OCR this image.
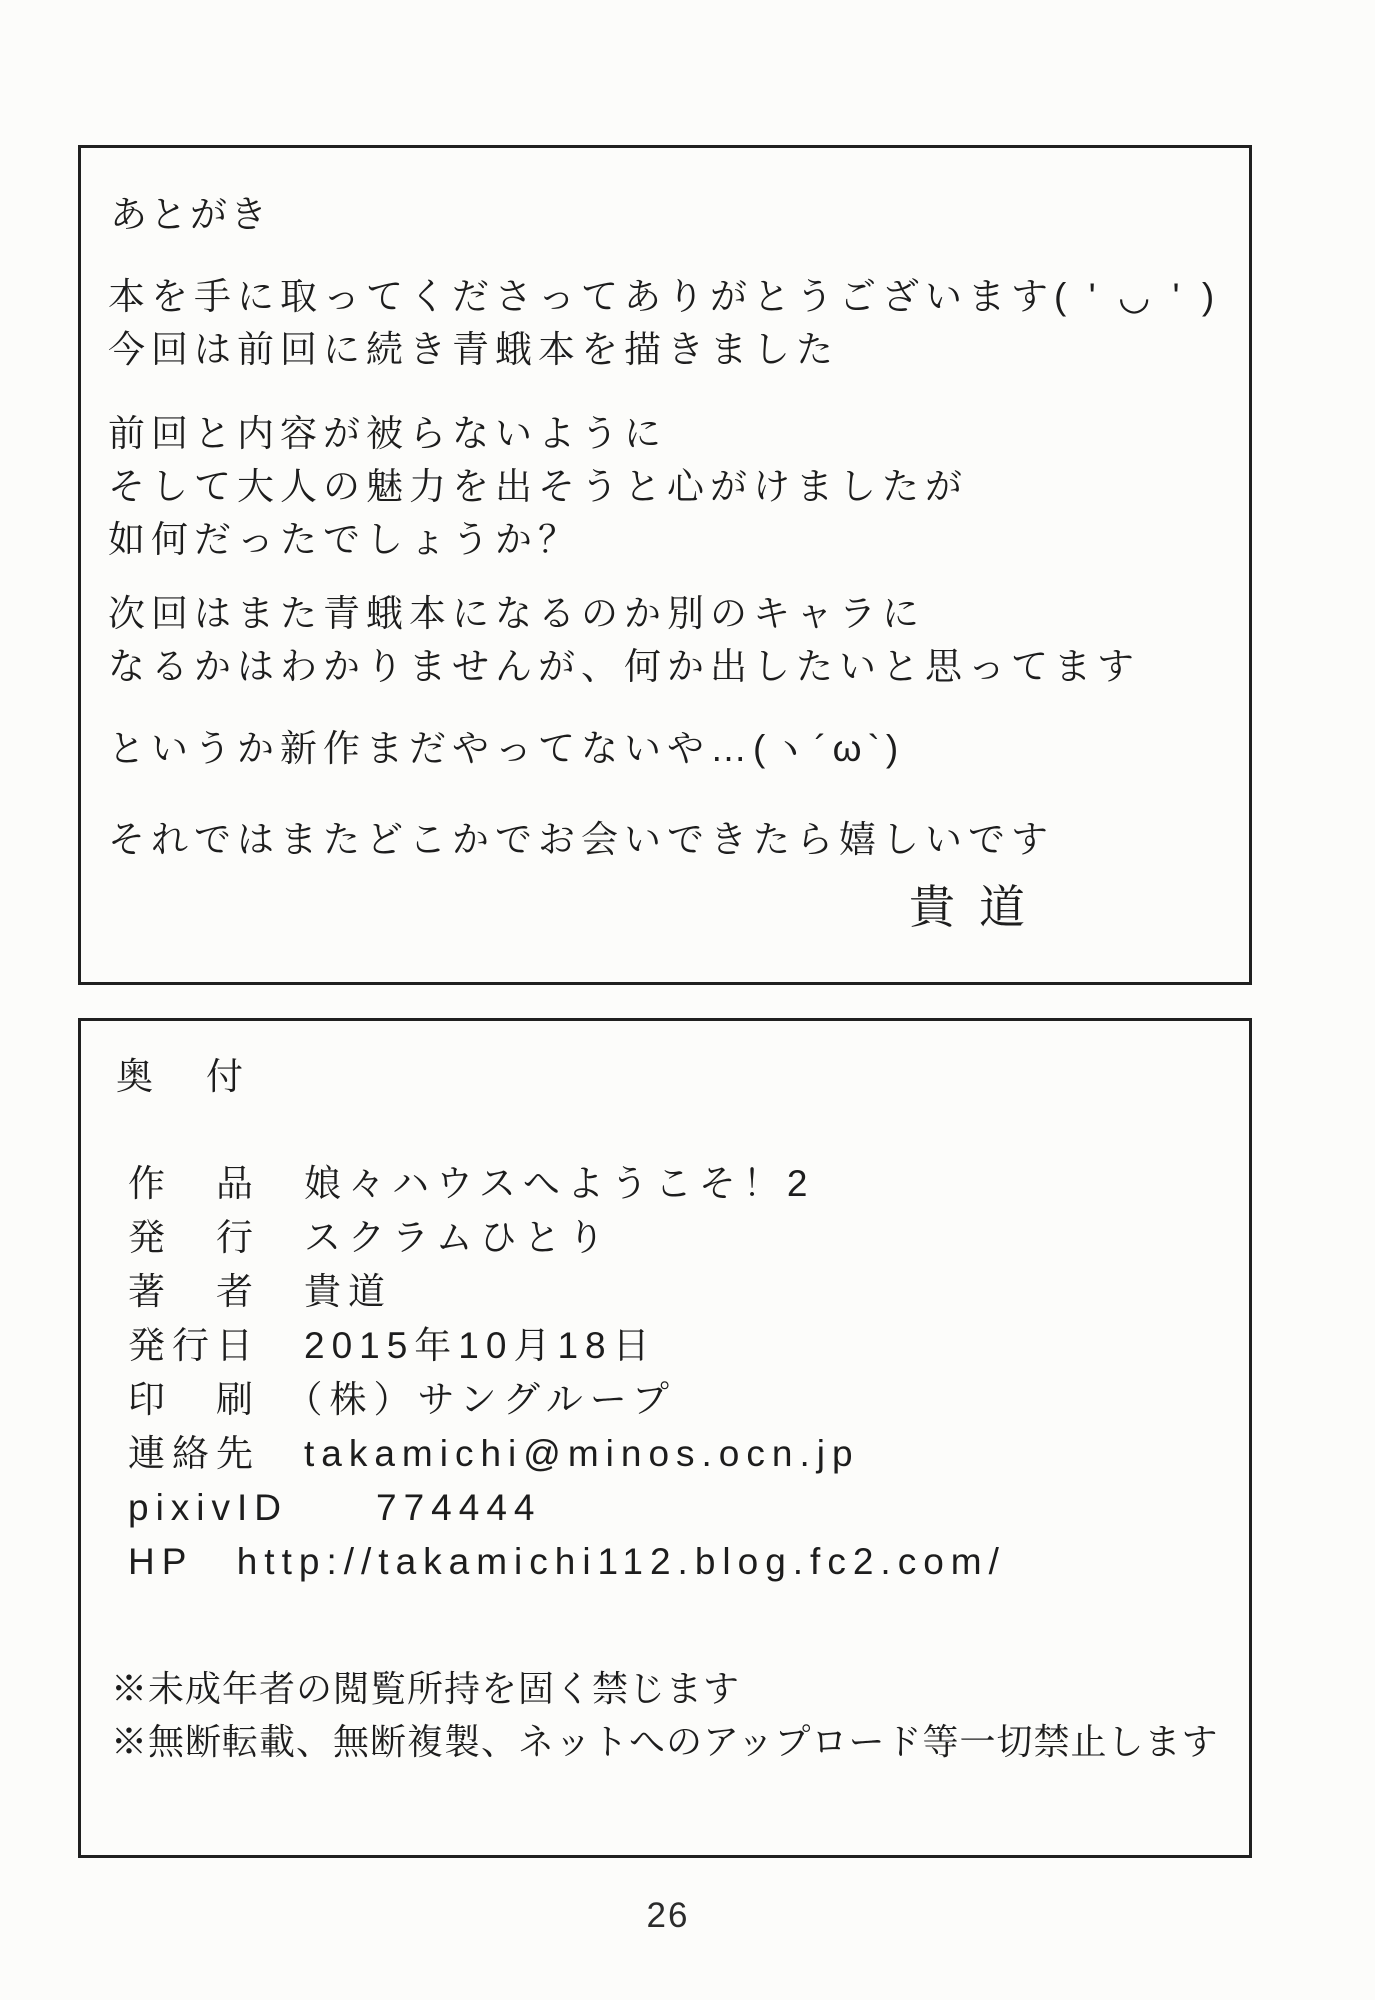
あとがき
本を手に取ってくださってありがとうございます( ' ◡ ' )
今回は前回に続き青蛾本を描きました
前回と内容が被らないように
そして大人の魅力を出そうと心がけましたが
如何だったでしょうか？
次回はまた青蛾本になるのか別のキャラに
なるかはわかりませんが、何か出したいと思ってます
というか新作まだやってないや…(ヽ´ω`)
それではまたどこかでお会いできたら嬉しいです
貴道
奥　付
作　品　娘々ハウスへようこそ！2
発　行　スクラムひとり
著　者　貴道
発行日　2015年10月18日
印　刷　（株）サングループ
連絡先　takamichi@minos.ocn.jp
pixivID　　774444
HP　http://takamichi112.blog.fc2.com/
※未成年者の閲覧所持を固く禁じます
※無断転載、無断複製、ネットへのアップロード等一切禁止します
26
